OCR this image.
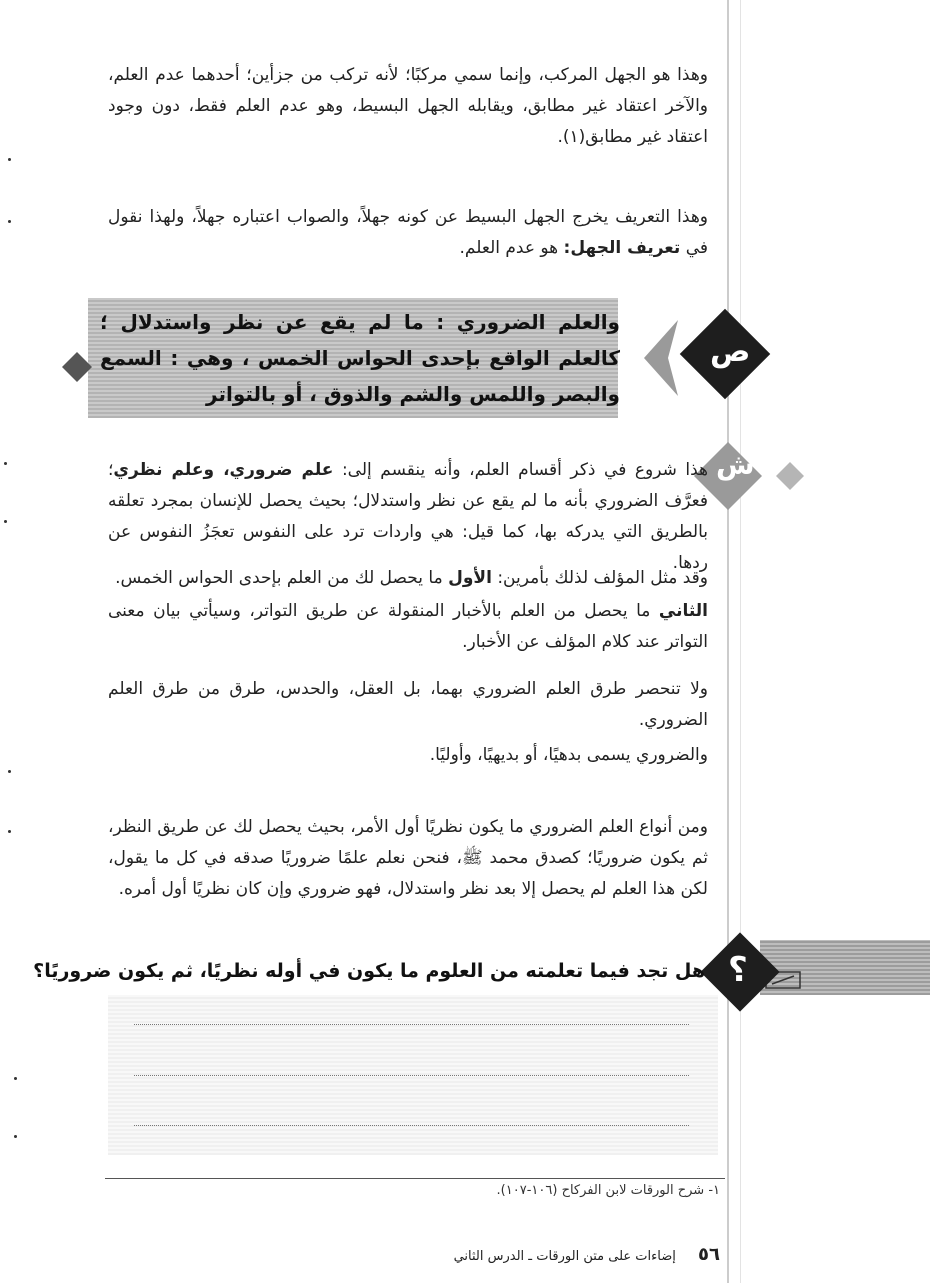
وهذا هو الجهل المركب، وإنما سمي مركبًا؛ لأنه تركب من جزأين؛ أحدهما عدم العلم، والآخر اعتقاد غير مطابق، ويقابله الجهل البسيط، وهو عدم العلم فقط، دون وجود اعتقاد غير مطابق(١).
وهذا التعريف يخرج الجهل البسيط عن كونه جهلاً، والصواب اعتباره جهلاً، ولهذا نقول في تعريف الجهل: هو عدم العلم.
والعلم الضروري : ما لم يقع عن نظر واستدلال ؛ كالعلم الواقع بإحدى الحواس الخمس ، وهي : السمع والبصر واللمس والشم والذوق ، أو بالتواتر
ص
ش
هذا شروع في ذكر أقسام العلم، وأنه ينقسم إلى: علم ضروري، وعلم نظري؛ فعرَّف الضروري بأنه ما لم يقع عن نظر واستدلال؛ بحيث يحصل للإنسان بمجرد تعلقه بالطريق التي يدركه بها، كما قيل: هي واردات ترد على النفوس تعجَزُ النفوس عن ردها.
وقد مثل المؤلف لذلك بأمرين: الأول ما يحصل لك من العلم بإحدى الحواس الخمس.
الثاني ما يحصل من العلم بالأخبار المنقولة عن طريق التواتر، وسيأتي بيان معنى التواتر عند كلام المؤلف عن الأخبار.
ولا تنحصر طرق العلم الضروري بهما، بل العقل، والحدس، طرق من طرق العلم الضروري.
والضروري يسمى بدهيًا، أو بديهيًا، وأوليًا.
ومن أنواع العلم الضروري ما يكون نظريًا أول الأمر، بحيث يحصل لك عن طريق النظر، ثم يكون ضروريًا؛ كصدق محمد ﷺ، فنحن نعلم علمًا ضروريًا صدقه في كل ما يقول، لكن هذا العلم لم يحصل إلا بعد نظر واستدلال، فهو ضروري وإن كان نظريًا أول أمره.
؟
هل تجد فيما تعلمته من العلوم ما يكون في أوله نظريًا، ثم يكون ضروريًا؟
١- شرح الورقات لابن الفركاح (١٠٦-١٠٧).
٥٦ إضاءات على متن الورقات ـ الدرس الثاني
